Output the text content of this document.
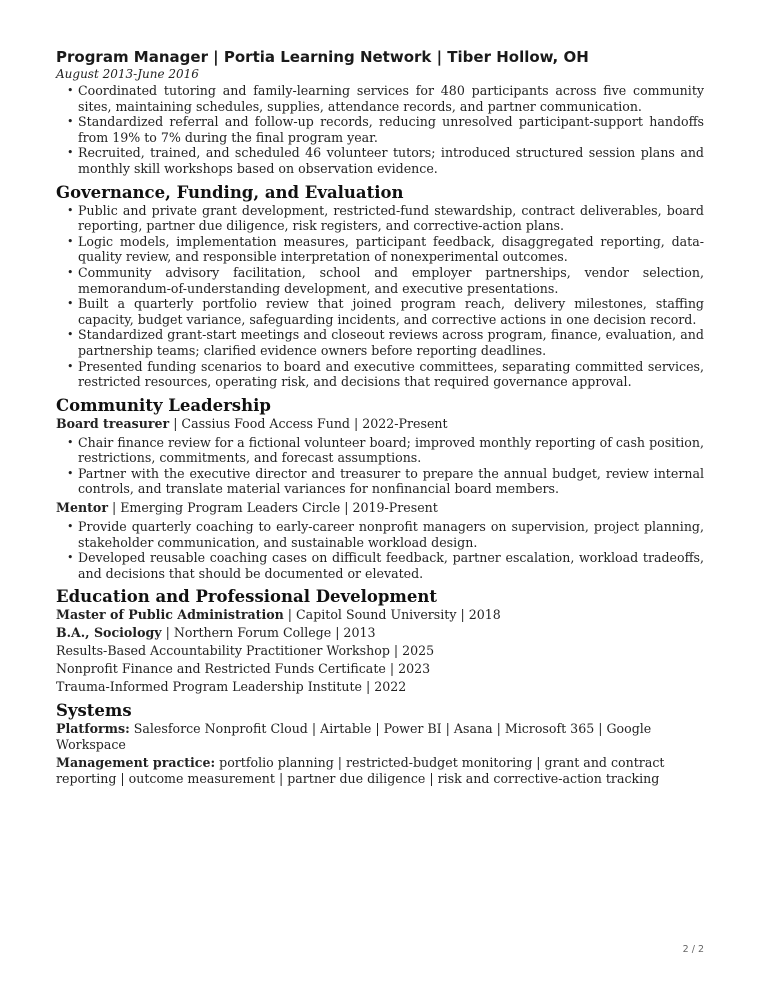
Program Manager | Portia Learning Network | Tiber Hollow, OH

August 2013-June 2016

• Coordinated tutoring and family-learning services for 480 participants across five community sites, maintaining schedules, supplies, attendance records, and partner communication.
• Standardized referral and follow-up records, reducing unresolved participant-support handoffs from 19% to 7% during the final program year.
• Recruited, trained, and scheduled 46 volunteer tutors; introduced structured session plans and monthly skill workshops based on observation evidence.
Governance, Funding, and Evaluation
• Public and private grant development, restricted-fund stewardship, contract deliverables, board reporting, partner due diligence, risk registers, and corrective-action plans.
• Logic models, implementation measures, participant feedback, disaggregated reporting, data-quality review, and responsible interpretation of nonexperimental outcomes.
• Community advisory facilitation, school and employer partnerships, vendor selection, memorandum-of-understanding development, and executive presentations.
• Built a quarterly portfolio review that joined program reach, delivery milestones, staffing capacity, budget variance, safeguarding incidents, and corrective actions in one decision record.
• Standardized grant-start meetings and closeout reviews across program, finance, evaluation, and partnership teams; clarified evidence owners before reporting deadlines.
• Presented funding scenarios to board and executive committees, separating committed services, restricted resources, operating risk, and decisions that required governance approval.
Community Leadership

Board treasurer | Cassius Food Access Fund | 2022-Present

• Chair finance review for a fictional volunteer board; improved monthly reporting of cash position, restrictions, commitments, and forecast assumptions.
• Partner with the executive director and treasurer to prepare the annual budget, review internal controls, and translate material variances for nonfinancial board members.

Mentor | Emerging Program Leaders Circle | 2019-Present

• Provide quarterly coaching to early-career nonprofit managers on supervision, project planning, stakeholder communication, and sustainable workload design.
• Developed reusable coaching cases on difficult feedback, partner escalation, workload tradeoffs, and decisions that should be documented or elevated.
Education and Professional Development

Master of Public Administration | Capitol Sound University | 2018

B.A., Sociology | Northern Forum College | 2013

Results-Based Accountability Practitioner Workshop | 2025

Nonprofit Finance and Restricted Funds Certificate | 2023

Trauma-Informed Program Leadership Institute | 2022

Systems

Platforms: Salesforce Nonprofit Cloud | Airtable | Power BI | Asana | Microsoft 365 | Google Workspace

Management practice: portfolio planning | restricted-budget monitoring | grant and contract reporting | outcome measurement | partner due diligence | risk and corrective-action tracking

2 / 2
